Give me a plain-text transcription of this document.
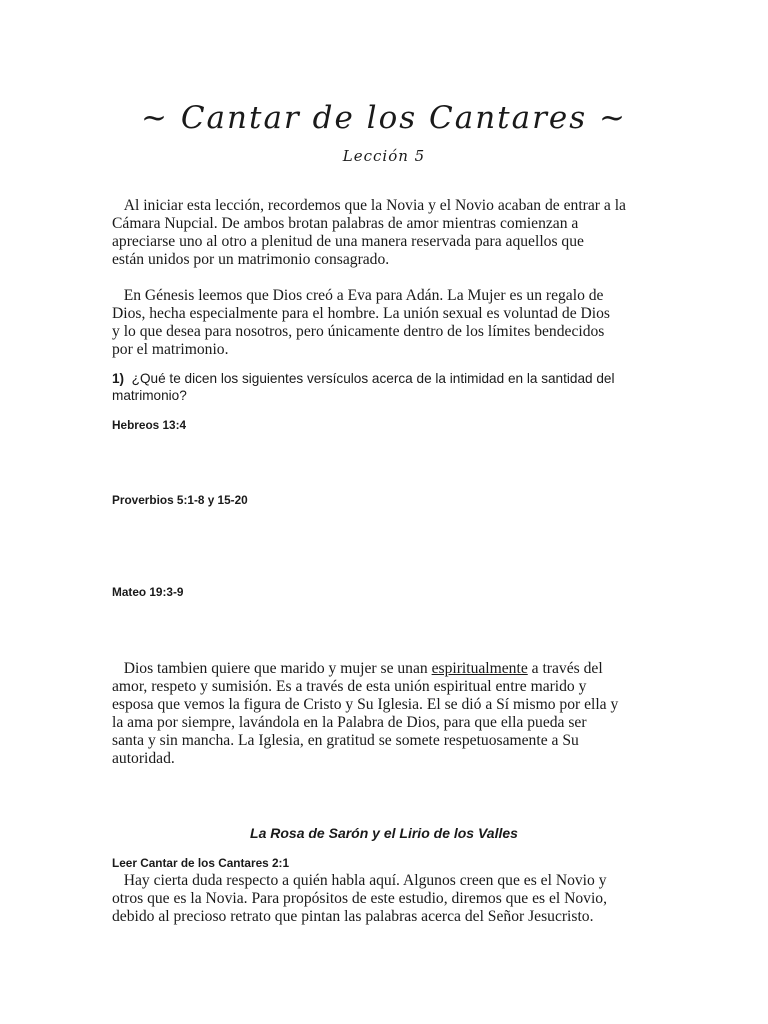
~ Cantar de los Cantares ~
Lección 5

Al iniciar esta lección, recordemos que la Novia y el Novio acaban de entrar a la

Cámara Nupcial. De ambos brotan palabras de amor mientras comienzan a

apreciarse uno al otro a plenitud de una manera reservada para aquellos que

están unidos por un matrimonio consagrado.

En Génesis leemos que Dios creó a Eva para Adán. La Mujer es un regalo de

Dios, hecha especialmente para el hombre. La unión sexual es voluntad de Dios

y lo que desea para nosotros, pero únicamente dentro de los límites bendecidos

por el matrimonio.

1) ¿Qué te dicen los siguientes versículos acerca de la intimidad en la santidad del
matrimonio?
Hebreos 13:4
Proverbios 5:1-8 y 15-20
Mateo 19:3-9

Dios tambien quiere que marido y mujer se unan espiritualmente a través del

amor, respeto y sumisión. Es a través de esta unión espiritual entre marido y

esposa que vemos la figura de Cristo y Su Iglesia. El se dió a Sí mismo por ella y

la ama por siempre, lavándola en la Palabra de Dios, para que ella pueda ser

santa y sin mancha. La Iglesia, en gratitud se somete respetuosamente a Su

autoridad.

La Rosa de Sarón y el Lirio de los Valles
Leer Cantar de los Cantares 2:1

Hay cierta duda respecto a quién habla aquí. Algunos creen que es el Novio y

otros que es la Novia. Para propósitos de este estudio, diremos que es el Novio,

debido al precioso retrato que pintan las palabras acerca del Señor Jesucristo.
